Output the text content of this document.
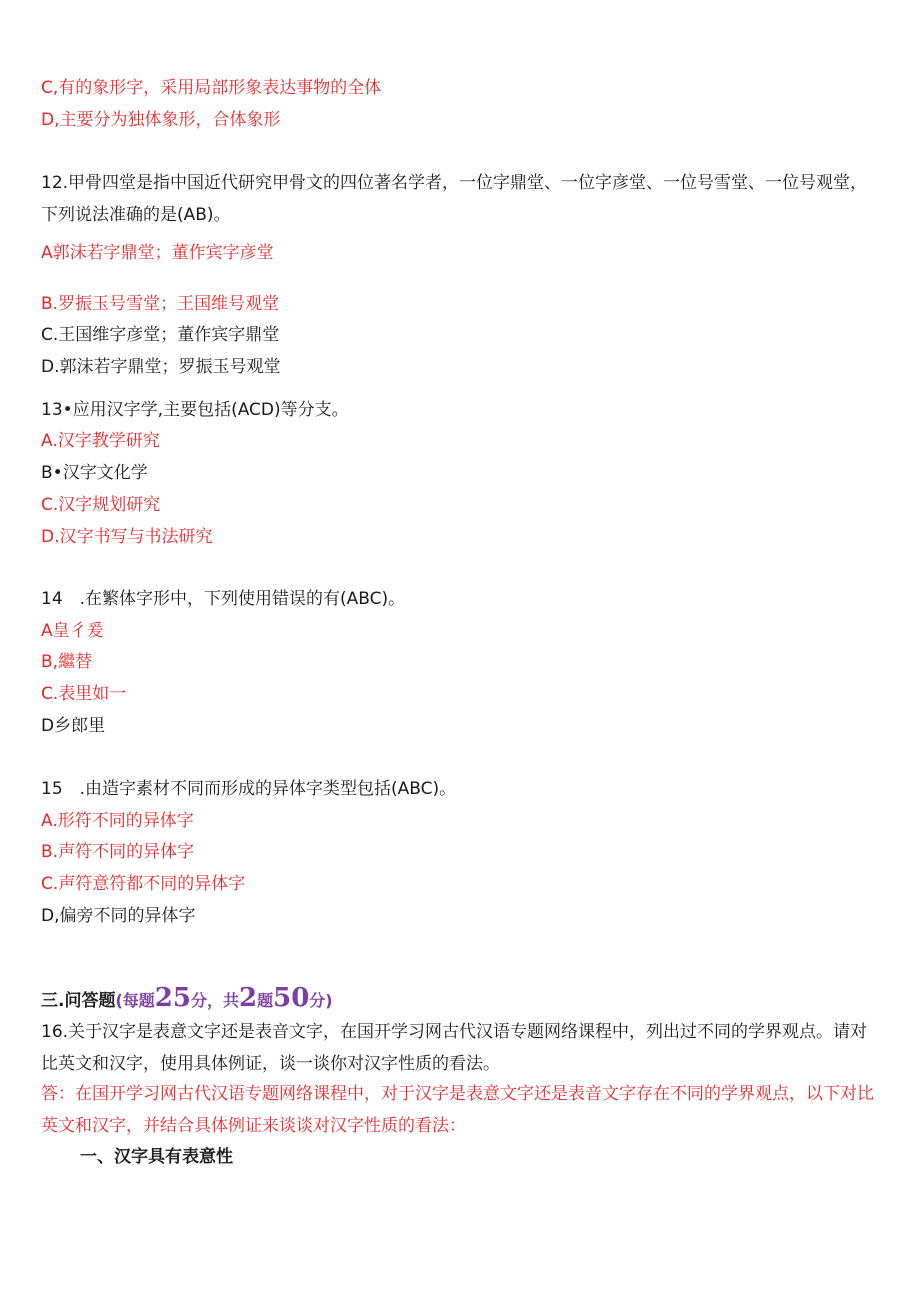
C,有的象形字，采用局部形象表达事物的全体
D,主要分为独体象形，合体象形
12.甲骨四堂是指中国近代研究甲骨文的四位著名学者，一位字鼎堂、一位字彦堂、一位号雪堂、一位号观堂，下列说法准确的是(AB)。
A郭沫若字鼎堂；董作宾字彦堂
B.罗振玉号雪堂；王国维号观堂
C.王国维字彦堂；董作宾字鼎堂
D.郭沫若字鼎堂；罗振玉号观堂
13•应用汉字学,主要包括(ACD)等分支。
A.汉字教学研究
B•汉字文化学
C.汉字规划研究
D.汉字书写与书法研究
14　.在繁体字形中，下列使用错误的有(ABC)。
A皇彳爰
B,繼替
C.表里如一
D乡郎里
15　.由造字素材不同而形成的异体字类型包括(ABC)。
A.形符不同的异体字
B.声符不同的异体字
C.声符意符都不同的异体字
D,偏旁不同的异体字
三.问答题(每题25分，共2题50分)
16.关于汉字是表意文字还是表音文字，在国开学习网古代汉语专题网络课程中，列出过不同的学界观点。请对比英文和汉字，使用具体例证，谈一谈你对汉字性质的看法。
答：在国开学习网古代汉语专题网络课程中，对于汉字是表意文字还是表音文字存在不同的学界观点，以下对比英文和汉字，并结合具体例证来谈谈对汉字性质的看法：
一、汉字具有表意性
